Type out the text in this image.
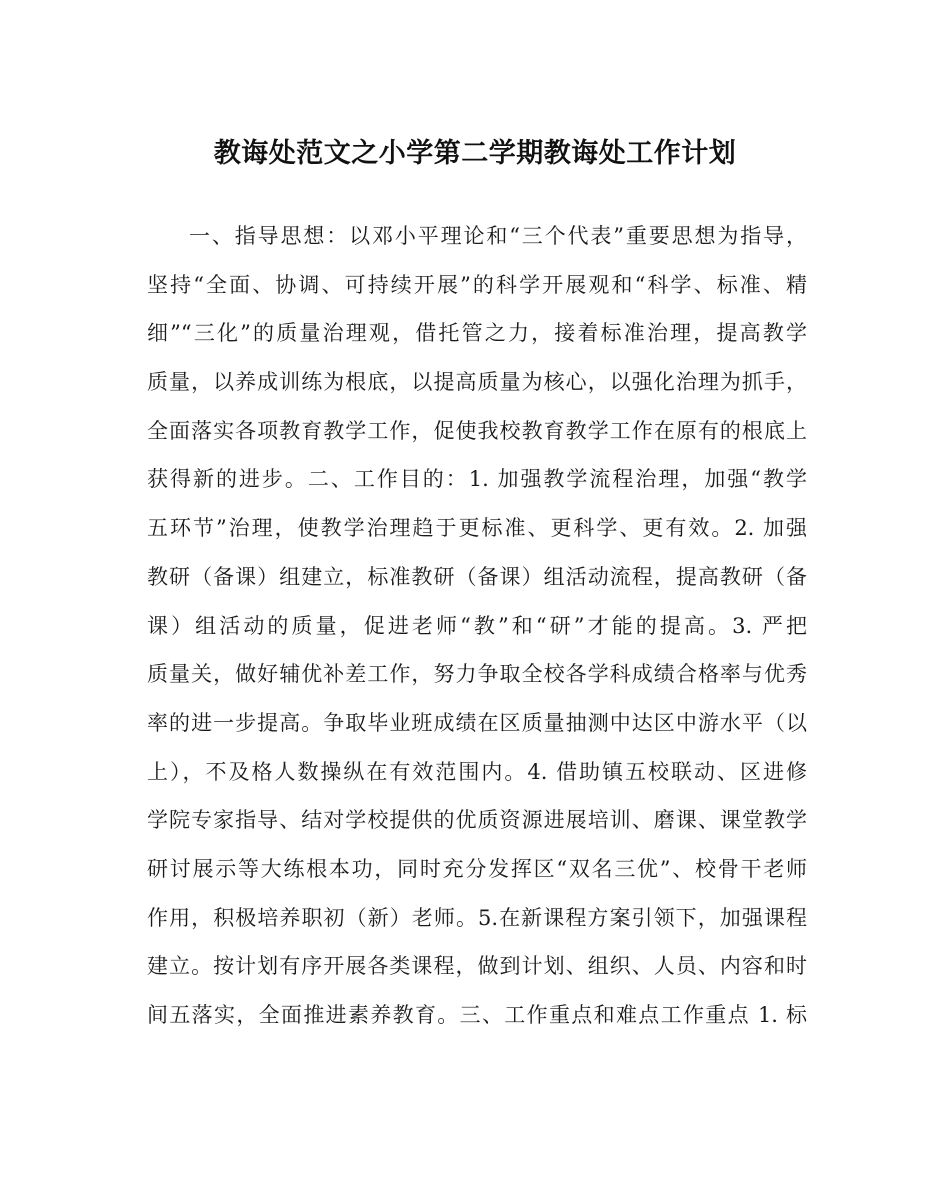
教诲处范文之小学第二学期教诲处工作计划
一、指导思想：以邓小平理论和“三个代表”重要思想为指导，
坚持“全面、协调、可持续开展”的科学开展观和“科学、标准、精
细”“三化”的质量治理观，借托管之力，接着标准治理，提高教学
质量，以养成训练为根底，以提高质量为核心，以强化治理为抓手，
全面落实各项教育教学工作，促使我校教育教学工作在原有的根底上
获得新的进步。二、工作目的：1. 加强教学流程治理，加强“教学
五环节”治理，使教学治理趋于更标准、更科学、更有效。2. 加强
教研（备课）组建立，标准教研（备课）组活动流程，提高教研（备
课）组活动的质量，促进老师“教”和“研”才能的提高。3. 严把
质量关，做好辅优补差工作，努力争取全校各学科成绩合格率与优秀
率的进一步提高。争取毕业班成绩在区质量抽测中达区中游水平（以
上），不及格人数操纵在有效范围内。4. 借助镇五校联动、区进修
学院专家指导、结对学校提供的优质资源进展培训、磨课、课堂教学
研讨展示等大练根本功，同时充分发挥区“双名三优”、校骨干老师
作用，积极培养职初（新）老师。5.在新课程方案引领下，加强课程
建立。按计划有序开展各类课程，做到计划、组织、人员、内容和时
间五落实，全面推进素养教育。三、工作重点和难点工作重点 1. 标
